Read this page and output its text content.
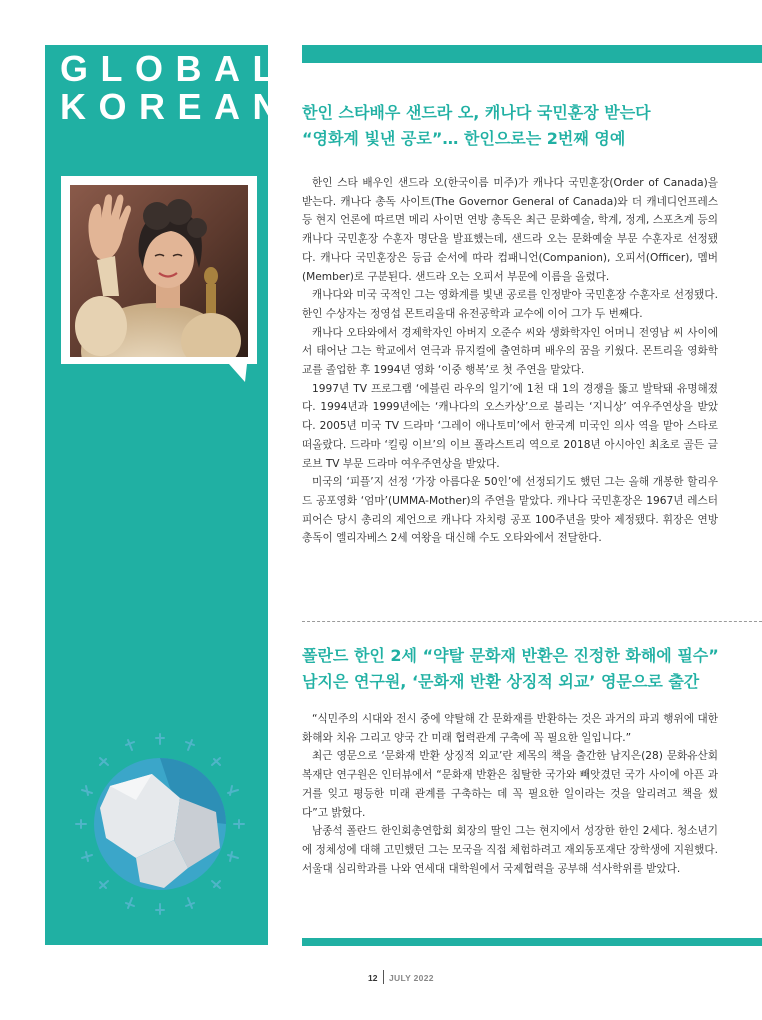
GLOBAL
KOREAN 한인 스타배우 샌드라 오, 캐나다 국민훈장 받는다
“영화계 빛낸 공로”… 한인으로는 2번째 영예

한인 스타 배우인 샌드라 오(한국이름 미주)가 캐나다 국민훈장(Order of Canada)을 받는다. 캐나다 총독 사이트(The Governor General of Canada)와 더 캐네디언프레스 등 현지 언론에 따르면 메리 사이먼 연방 총독은 최근 문화예술, 학계, 정계, 스포츠계 등의 캐나다 국민훈장 수훈자 명단을 발표했는데, 샌드라 오는 문화예술 부문 수훈자로 선정됐다. 캐나다 국민훈장은 등급 순서에 따라 컴패니언(Companion), 오피서(Officer), 멤버(Member)로 구분된다. 샌드라 오는 오피서 부문에 이름을 올렸다.

캐나다와 미국 국적인 그는 영화계를 빛낸 공로를 인정받아 국민훈장 수훈자로 선정됐다. 한인 수상자는 정영섭 몬트리올대 유전공학과 교수에 이어 그가 두 번째다.

캐나다 오타와에서 경제학자인 아버지 오준수 씨와 생화학자인 어머니 전영남 씨 사이에서 태어난 그는 학교에서 연극과 뮤지컬에 출연하며 배우의 꿈을 키웠다. 몬트리올 영화학교를 졸업한 후 1994년 영화 ‘이중 행복’로 첫 주연을 맡았다.

1997년 TV 프로그램 ‘에블린 라우의 일기’에 1천 대 1의 경쟁을 뚫고 발탁돼 유명해졌다. 1994년과 1999년에는 ‘캐나다의 오스카상’으로 불리는 ‘지니상’ 여우주연상을 받았다. 2005년 미국 TV 드라마 ‘그레이 애나토미’에서 한국계 미국인 의사 역을 맡아 스타로 떠올랐다. 드라마 ‘킬링 이브’의 이브 폴라스트리 역으로 2018년 아시아인 최초로 골든 글로브 TV 부문 드라마 여우주연상을 받았다.

미국의 ‘피플’지 선정 ‘가장 아름다운 50인’에 선정되기도 했던 그는 올해 개봉한 할리우드 공포영화 ‘엄마’(UMMA-Mother)의 주연을 맡았다. 캐나다 국민훈장은 1967년 레스터 피어슨 당시 총리의 제언으로 캐나다 자치령 공포 100주년을 맞아 제정됐다. 휘장은 연방 총독이 엘리자베스 2세 여왕을 대신해 수도 오타와에서 전달한다.

폴란드 한인 2세 “약탈 문화재 반환은 진정한 화해에 필수”
남지은 연구원, ‘문화재 반환 상징적 외교’ 영문으로 출간

“식민주의 시대와 전시 중에 약탈해 간 문화재를 반환하는 것은 과거의 파괴 행위에 대한 화해와 치유 그리고 양국 간 미래 협력관계 구축에 꼭 필요한 일입니다.”

최근 영문으로 ‘문화재 반환 상징적 외교’란 제목의 책을 출간한 남지은(28) 문화유산회복재단 연구원은 인터뷰에서 “문화재 반환은 침탈한 국가와 빼앗겼던 국가 사이에 아픈 과거를 잊고 평등한 미래 관계를 구축하는 데 꼭 필요한 일이라는 것을 알리려고 책을 썼다”고 밝혔다.

남종석 폴란드 한인회총연합회 회장의 딸인 그는 현지에서 성장한 한인 2세다. 청소년기에 정체성에 대해 고민했던 그는 모국을 직접 체험하려고 재외동포재단 장학생에 지원했다. 서울대 심리학과를 나와 연세대 대학원에서 국제협력을 공부해 석사학위를 받았다.

12 JULY 2022
